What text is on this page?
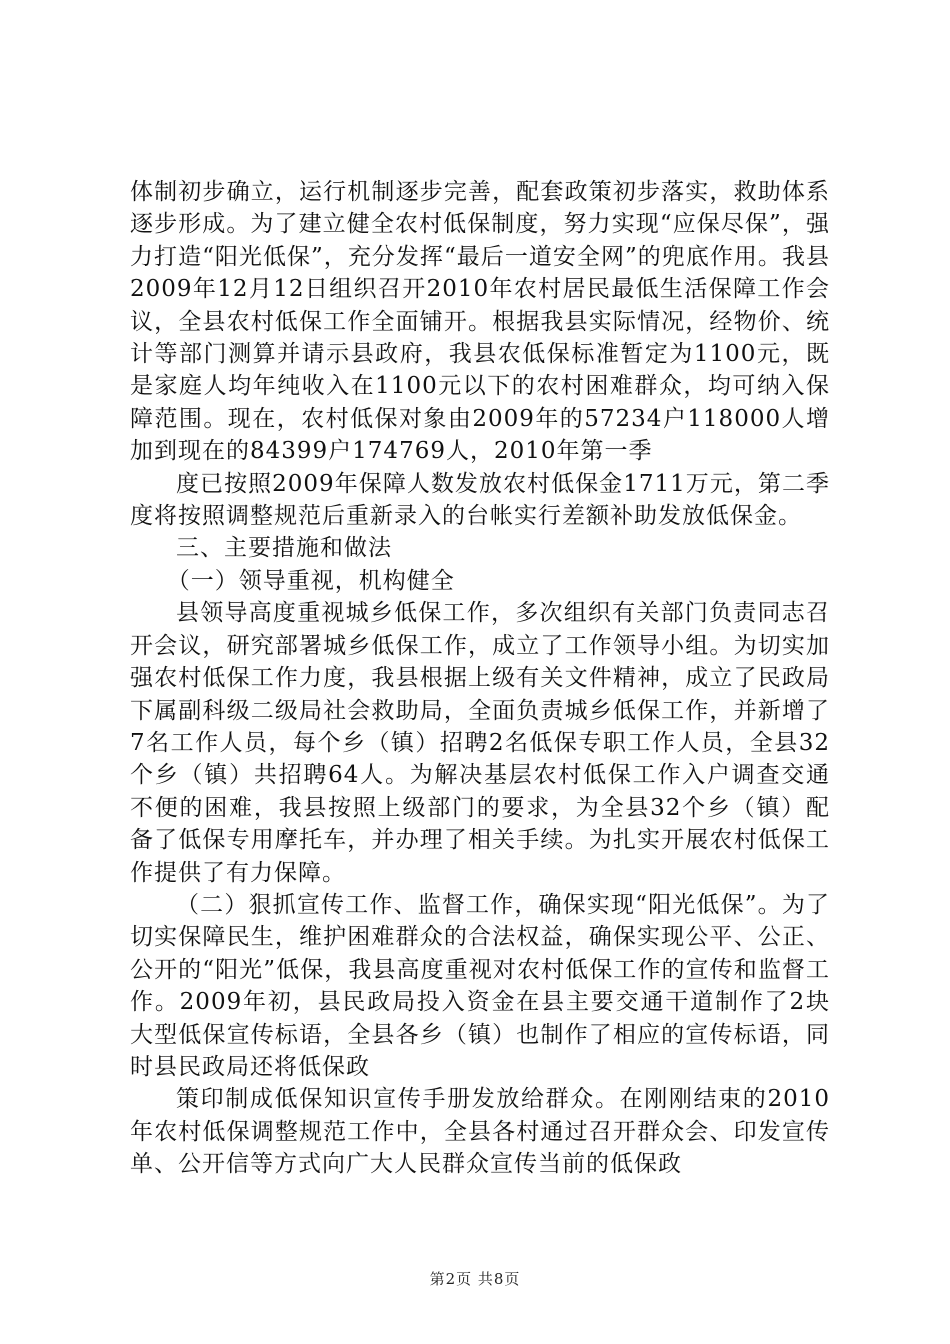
体制初步确立，运行机制逐步完善，配套政策初步落实，救助体系逐步形成。为了建立健全农村低保制度，努力实现“应保尽保”，强力打造“阳光低保”，充分发挥“最后一道安全网”的兜底作用。我县2009年12月12日组织召开2010年农村居民最低生活保障工作会议，全县农村低保工作全面铺开。根据我县实际情况，经物价、统计等部门测算并请示县政府，我县农低保标准暂定为1100元，既是家庭人均年纯收入在1100元以下的农村困难群众，均可纳入保障范围。现在，农村低保对象由2009年的57234户118000人增加到现在的84399户174769人，2010年第一季

度已按照2009年保障人数发放农村低保金1711万元，第二季度将按照调整规范后重新录入的台帐实行差额补助发放低保金。

三、主要措施和做法

（一）领导重视，机构健全

县领导高度重视城乡低保工作，多次组织有关部门负责同志召开会议，研究部署城乡低保工作，成立了工作领导小组。为切实加强农村低保工作力度，我县根据上级有关文件精神，成立了民政局下属副科级二级局社会救助局，全面负责城乡低保工作，并新增了7名工作人员，每个乡（镇）招聘2名低保专职工作人员，全县32个乡（镇）共招聘64人。为解决基层农村低保工作入户调查交通不便的困难，我县按照上级部门的要求，为全县32个乡（镇）配备了低保专用摩托车，并办理了相关手续。为扎实开展农村低保工作提供了有力保障。

（二）狠抓宣传工作、监督工作，确保实现“阳光低保”。为了切实保障民生，维护困难群众的合法权益，确保实现公平、公正、公开的“阳光”低保，我县高度重视对农村低保工作的宣传和监督工作。2009年初，县民政局投入资金在县主要交通干道制作了2块大型低保宣传标语，全县各乡（镇）也制作了相应的宣传标语，同时县民政局还将低保政

策印制成低保知识宣传手册发放给群众。在刚刚结束的2010年农村低保调整规范工作中，全县各村通过召开群众会、印发宣传单、公开信等方式向广大人民群众宣传当前的低保政

第2页 共8页
